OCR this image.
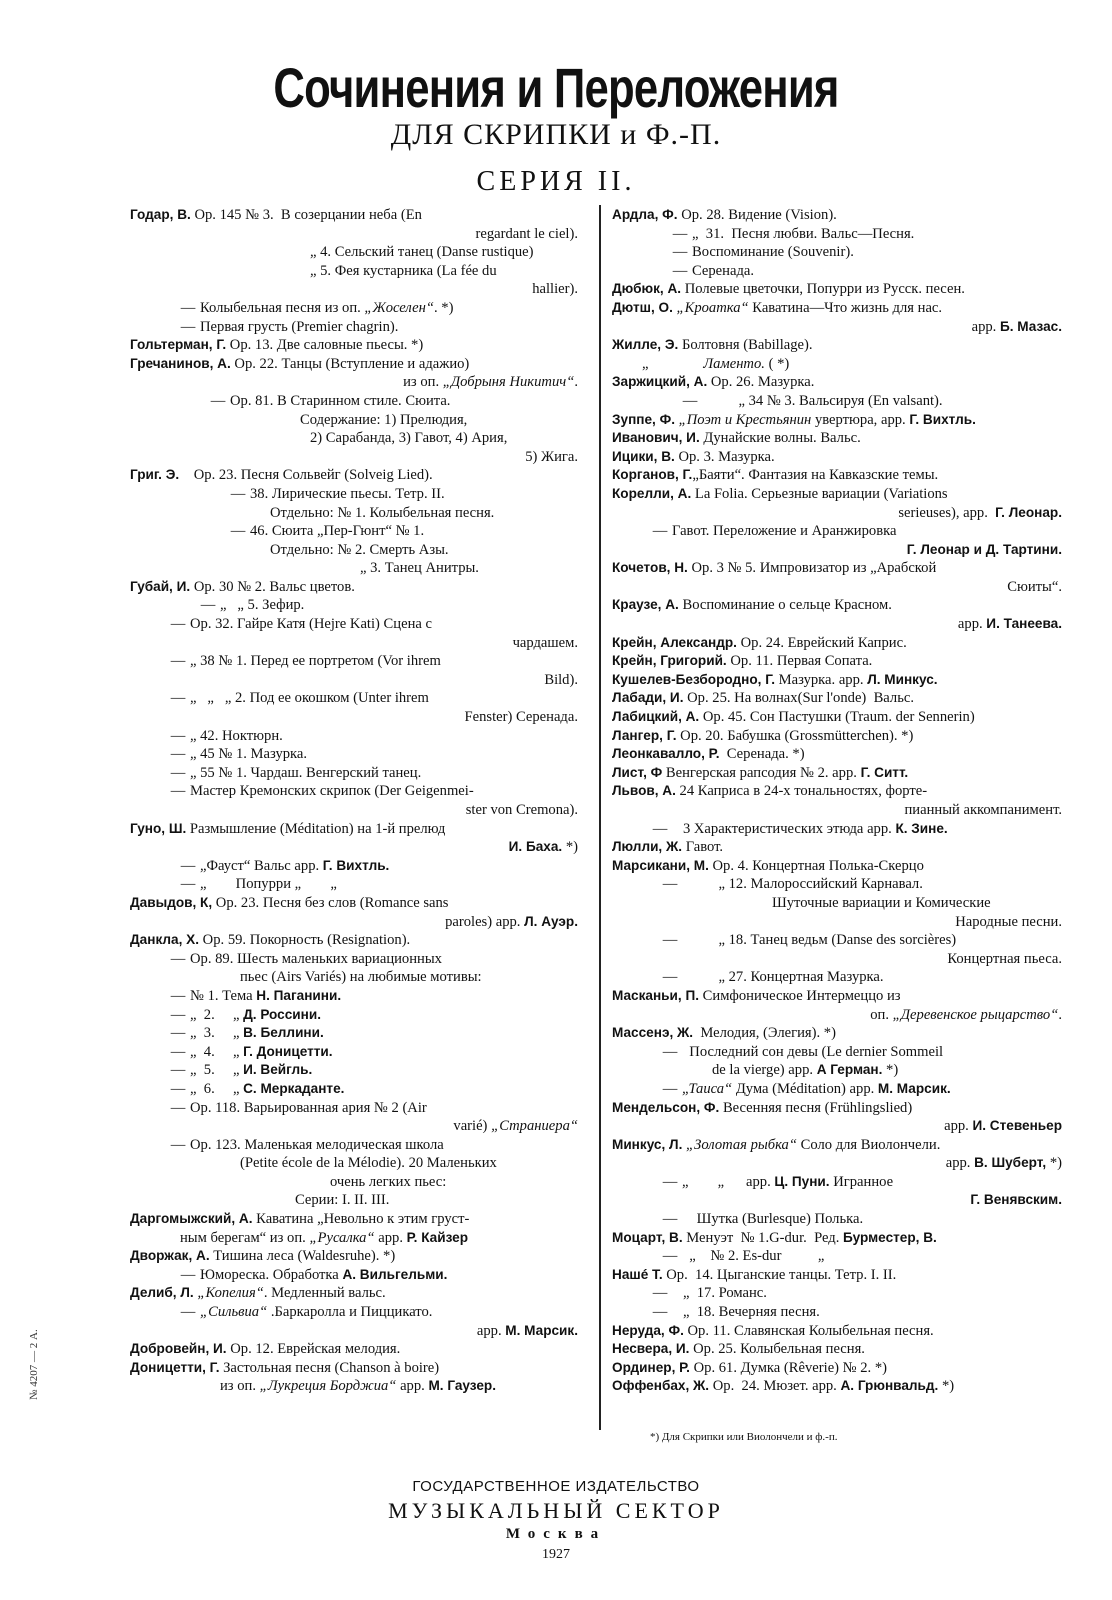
Сочинения и Переложения
ДЛЯ СКРИПКИ и Ф.-П.
СЕРИЯ II.
Годар, В. Ор. 145 № 3.  В созерцании неба (En
regardant le ciel).
„ 4. Сельский танец (Danse rustique)
„ 5. Фея кустарника (La fée du
hallier).
— Колыбельная песня из оп. „Жоселен“. *)
— Первая грусть (Premier chagrin).
Гольтерман, Г. Ор. 13. Две саловные пьесы. *)
Гречанинов, А. Ор. 22. Танцы (Вступление и адажио)
из оп. „Добрыня Никитич“.
— Ор. 81. В Старинном стиле. Сюита.
Содержание: 1) Прелюдия,
2) Сарабанда, 3) Гавот, 4) Ария,
5) Жига.
Григ. Э.    Ор. 23. Песня Сольвейг (Solveig Lied).
— 38. Лирические пьесы. Тетр. II.
Отдельно: № 1. Колыбельная песня.
— 46. Сюита „Пер-Гюнт“ № 1.
Отдельно: № 2. Смерть Азы.
„ 3. Танец Анитры.
Губай, И. Ор. 30 № 2. Вальс цветов.
— „   „ 5. Зефир.
— Ор. 32. Гайре Катя (Hejre Kati) Сцена с
чардашем.
— „ 38 № 1. Перед ее портретом (Vor ihrem
Bild).
— „   „   „ 2. Под ее окошком (Unter ihrem
Fenster) Серенада.
— „ 42. Ноктюрн.
— „ 45 № 1. Мазурка.
— „ 55 № 1. Чардаш. Венгерский танец.
— Мастер Кремонских скрипок (Der Geigenmei-
ster von Cremona).
Гуно, Ш. Размышление (Méditation) на 1-й прелюд
И. Баха. *)
— „Фауст“ Вальс арр. Г. Вихтль.
— „        Попурри „        „
Давыдов, К, Ор. 23. Песня без слов (Romance sans
paroles) арр. Л. Ауэр.
Данкла, Х. Ор. 59. Покорность (Resignation).
— Ор. 89. Шесть маленьких вариационных
пьес (Airs Variés) на любимые мотивы:
— № 1. Тема Н. Паганини.
— „  2.     „ Д. Россини.
— „  3.     „ В. Беллини.
— „  4.     „ Г. Доницетти.
— „  5.     „ И. Вейгль.
— „  6.     „ С. Меркаданте.
— Ор. 118. Варьированная ария № 2 (Air
varié) „Страниера“
— Ор. 123. Маленькая мелодическая школа
(Petite école de la Mélodie). 20 Маленьких
очень легких пьес:
Серии: I. II. III.
Даргомыжский, А. Каватина „Невольно к этим груст-
ным берегам“ из оп. „Русалка“ арр. Р. Кайзер
Дворжак, А. Тишина леса (Waldesruhe). *)
— Юмореска. Обработка А. Вильгельми.
Делиб, Л. „Копелия“. Медленный вальс.
— „Сильвиа“ .Баркаролла и Пиццикато.
арр. М. Марсик.
Добровейн, И. Ор. 12. Еврейская мелодия.
Доницетти, Г. Застольная песня (Chanson à boire)
из оп. „Лукреция Борджиа“ арр. М. Гаузер.
Ардла, Ф. Ор. 28. Видение (Vision).
— „  31.  Песня любви. Вальс—Песня.
— Воспоминание (Souvenir).
— Серенада.
Дюбюк, А. Полевые цветочки, Попурри из Русск. песен.
Дютш, О. „Кроатка“ Каватина—Что жизнь для нас.
арр. Б. Мазас.
Жилле, Э. Болтовня (Babillage).
„               Ламенто. ( *)
Заржицкий, А. Ор. 26. Мазурка.
—          „ 34 № 3. Вальсируя (En valsant).
Зуппе, Ф. „Поэт и Крестьянин увертюра, арр. Г. Вихтль.
Иванович, И. Дунайские волны. Вальс.
Ицики, В. Ор. 3. Мазурка.
Корганов, Г.„Баяти“. Фантазия на Кавказские темы.
Корелли, А. La Folia. Серьезные вариации (Variations
serieuses), арр.  Г. Леонар.
— Гавот. Переложение и Аранжировка
Г. Леонар и Д. Тартини.
Кочетов, Н. Ор. 3 № 5. Импровизатор из „Арабской
Сюиты“.
Краузе, А. Воспоминание о сельце Красном.
арр. И. Танеева.
Крейн, Александр. Ор. 24. Еврейский Каприс.
Крейн, Григорий. Ор. 11. Первая Сопата.
Кушелев-Безбородно, Г. Мазурка. арр. Л. Минкус.
Лабади, И. Ор. 25. На волнах(Sur l'onde)  Вальс.
Лабицкий, А. Ор. 45. Сон Пастушки (Traum. der Sennerin)
Лангер, Г. Ор. 20. Бабушка (Grossmütterchen). *)
Леонкавалло, Р.  Серенада. *)
Лист, Ф Венгерская рапсодия № 2. арр. Г. Ситт.
Львов, А. 24 Каприса в 24-х тональностях, форте-
пианный аккомпанимент.
—   3 Характеристических этюда арр. К. Зине.
Люлли, Ж. Гавот.
Марсикани, М. Ор. 4. Концертная Полька-Скерцо
—          „ 12. Малороссийский Карнавал.
Шуточные вариации и Комические
Народные песни.
—          „ 18. Танец ведьм (Danse des sorcières)
Концертная пьеса.
—          „ 27. Концертная Мазурка.
Масканьи, П. Симфоническое Интермеццо из
оп. „Деревенское рыцарство“.
Массенэ, Ж.  Мелодия, (Элегия). *)
—  Последний сон девы (Le dernier Sommeil
de la vierge) арр. А Герман. *)
— „Таиса“ Дума (Méditation) арр. М. Марсик.
Мендельсон, Ф. Весенняя песня (Frühlingslied)
арр. И. Стевеньер
Минкус, Л. „Золотая рыбка“ Соло для Виолончели.
арр. В. Шуберт, *)
— „        „      арр. Ц. Пуни. Игранное
Г. Венявским.
—    Шутка (Burlesque) Полька.
Моцарт, В. Менуэт  № 1.G-dur.  Ред. Бурместер, В.
—  „    № 2. Es-dur          „
Нашé Т. Ор.  14. Цыганские танцы. Тетр. I. II.
—   „  17. Романс.
—   „  18. Вечерняя песня.
Неруда, Ф. Ор. 11. Славянская Колыбельная песня.
Несвера, И. Ор. 25. Колыбельная песня.
Ординер, Р. Ор. 61. Думка (Rêverie) № 2. *)
Оффенбах, Ж. Ор.  24. Мюзет. арр. А. Грюнвальд. *)
*) Для Скрипки или Виолончели и ф.-п.
ГОСУДАРСТВЕННОЕ ИЗДАТЕЛЬСТВО
МУЗЫКАЛЬНЫЙ СЕКТОР
Москва
1927
№ 4207 — 2 А.
